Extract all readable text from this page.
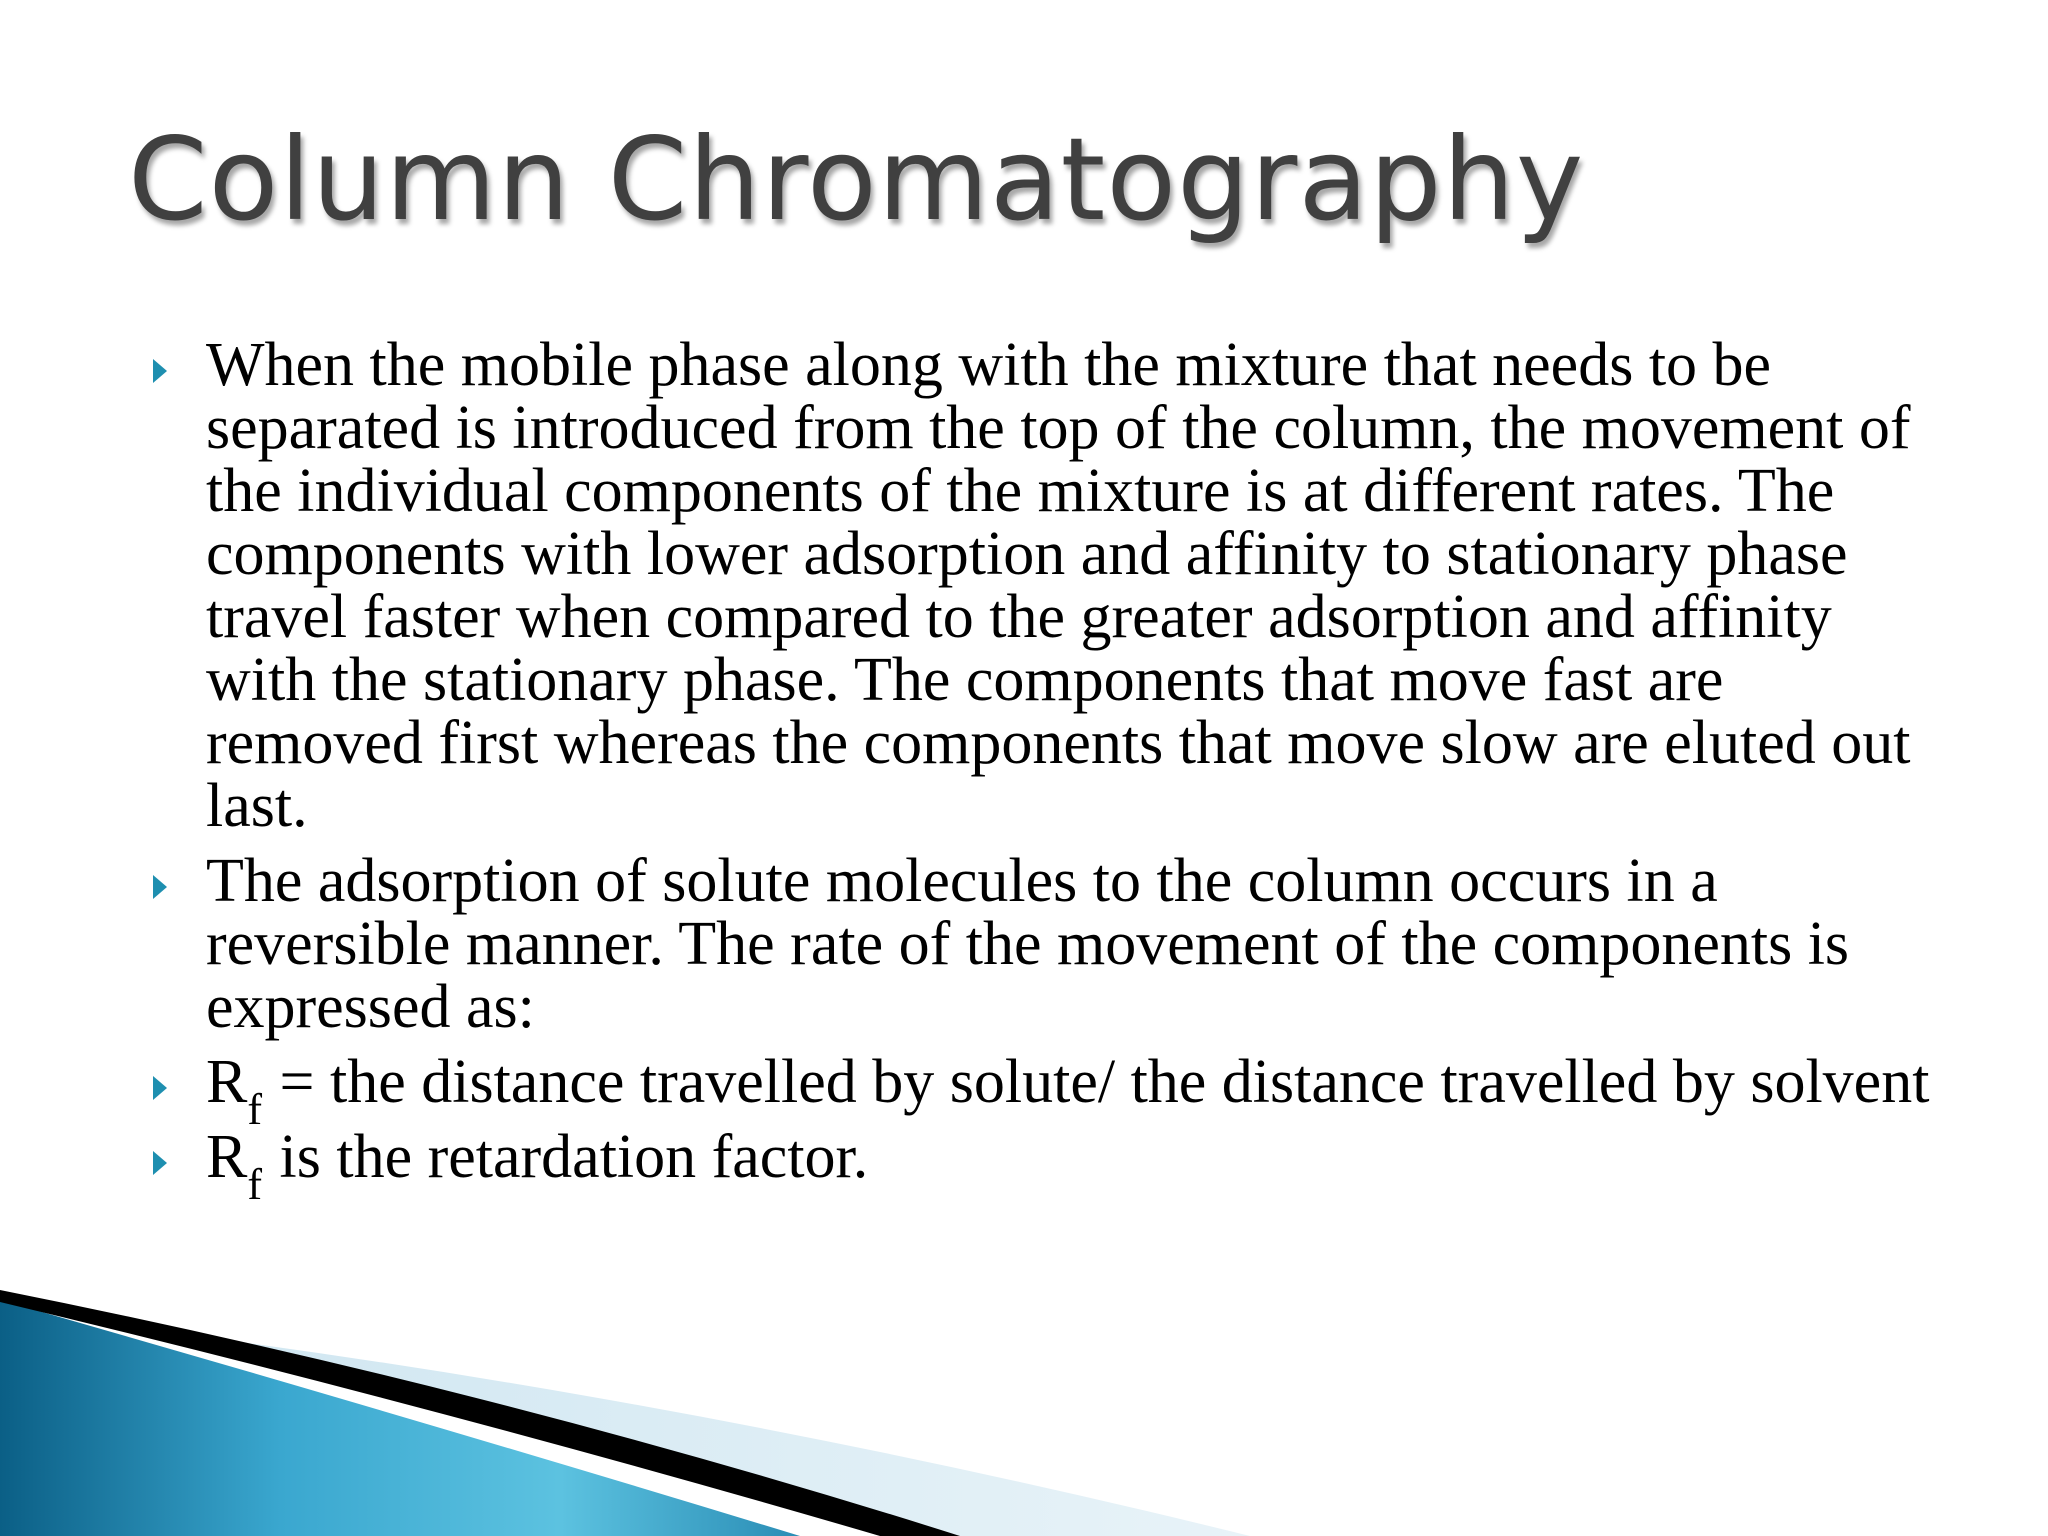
Column Chromatography
When the mobile phase along with the mixture that needs to be separated is introduced from the top of the column, the movement of the individual components of the mixture is at different rates. The components with lower adsorption and affinity to stationary phase travel faster when compared to the greater adsorption and affinity with the stationary phase. The components that move fast are removed first whereas the components that move slow are eluted out last.
The adsorption of solute molecules to the column occurs in a reversible manner. The rate of the movement of the components is expressed as:
$R_f$ = the distance travelled by solute/ the distance travelled by solvent
$R_f$ is the retardation factor.
